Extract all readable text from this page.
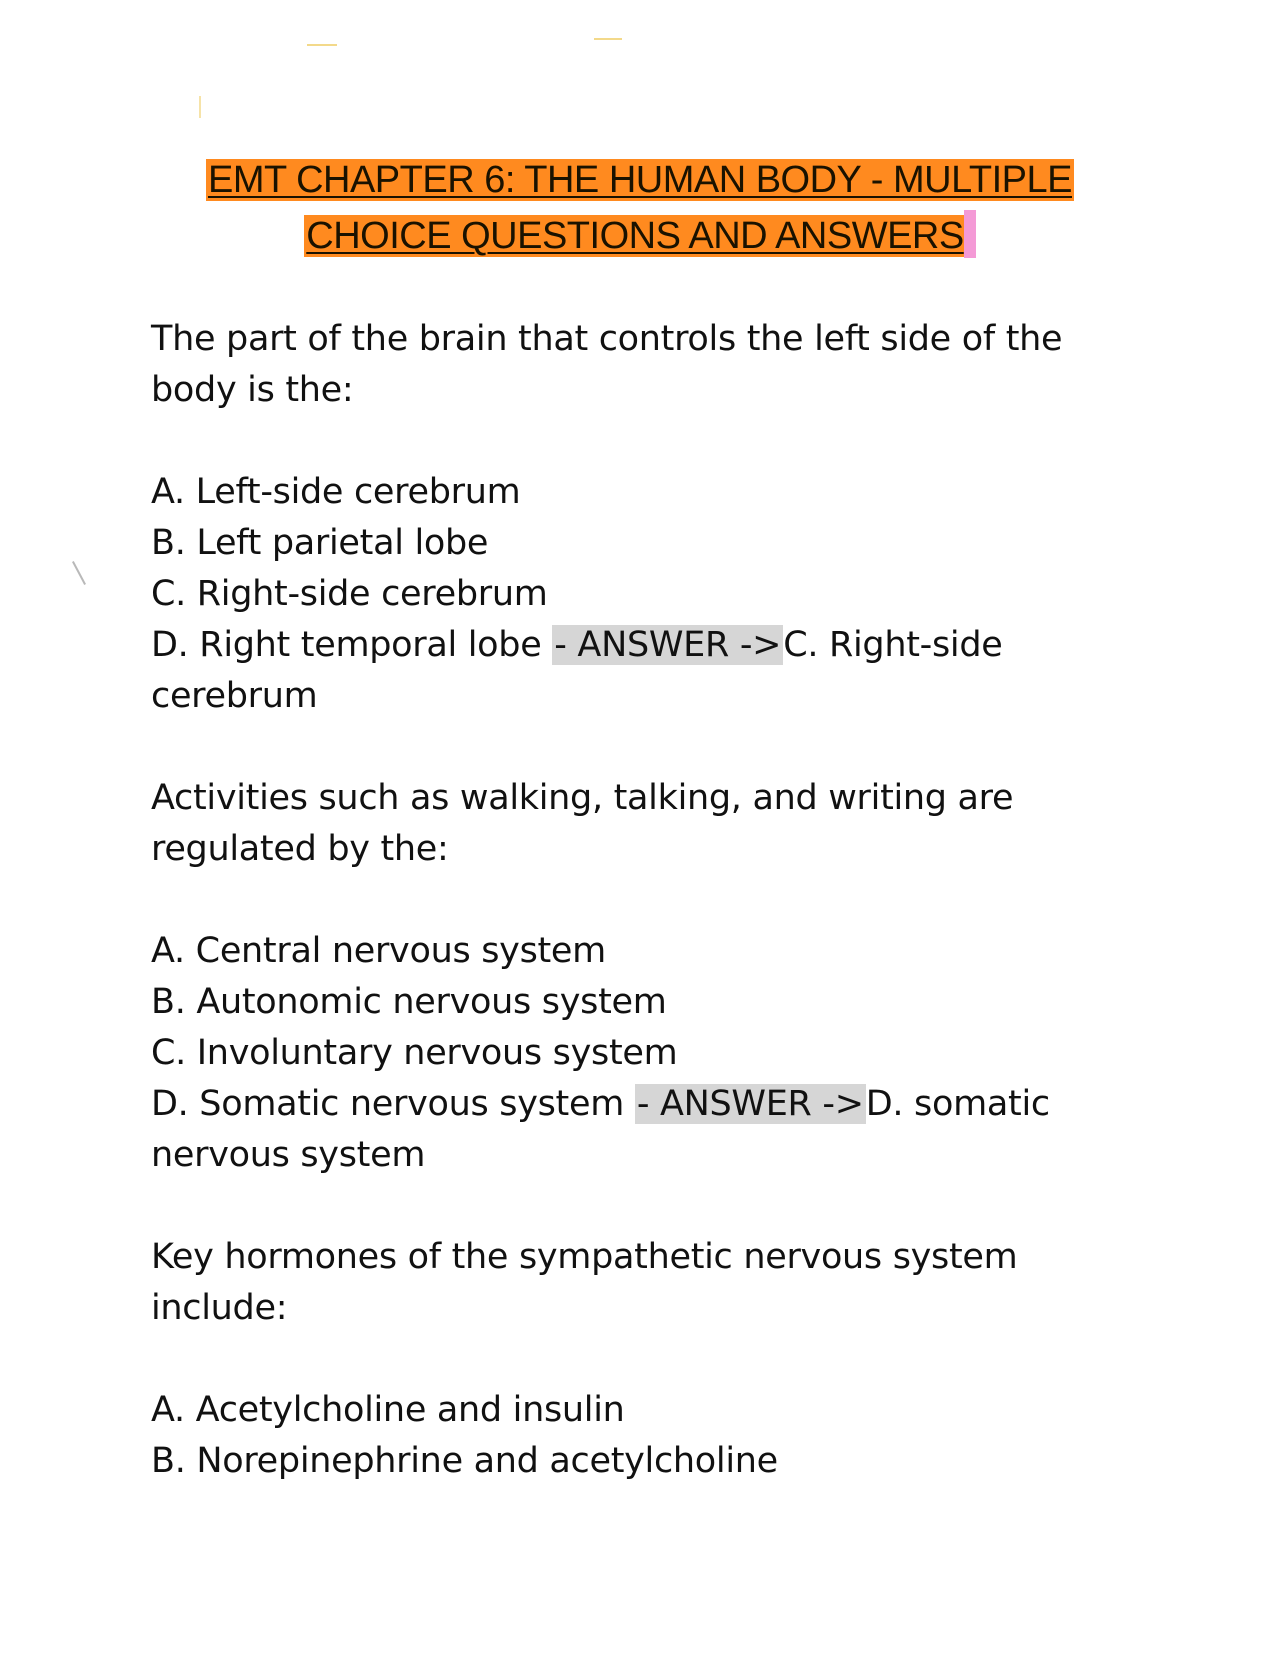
EMT CHAPTER 6: THE HUMAN BODY - MULTIPLE
CHOICE QUESTIONS AND ANSWERS

The part of the brain that controls the left side of the body is the:

A. Left-side cerebrum

B. Left parietal lobe

C. Right-side cerebrum

D. Right temporal lobe - ANSWER ->C. Right-side cerebrum

Activities such as walking, talking, and writing are regulated by the:

A. Central nervous system

B. Autonomic nervous system

C. Involuntary nervous system

D. Somatic nervous system - ANSWER ->D. somatic nervous system

Key hormones of the sympathetic nervous system include:

A. Acetylcholine and insulin

B. Norepinephrine and acetylcholine
